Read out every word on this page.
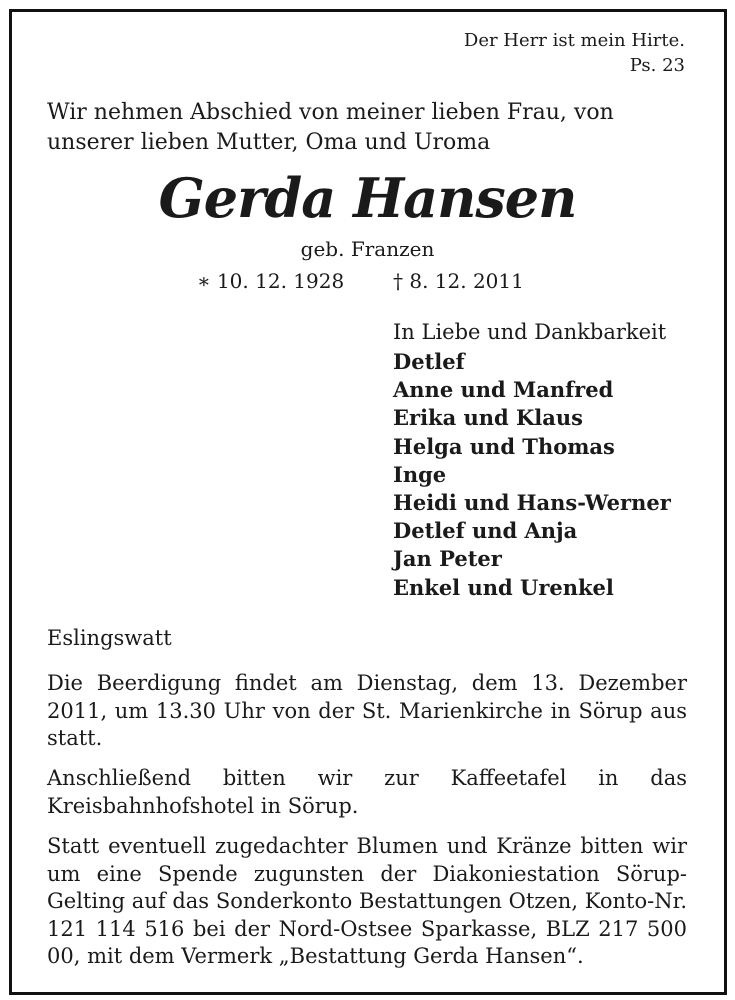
Der Herr ist mein Hirte.
Ps. 23

Wir nehmen Abschied von meiner lieben Frau, von unserer lieben Mutter, Oma und Uroma

Gerda Hansen
geb. Franzen
∗ 10. 12. 1928 † 8. 12. 2011
In Liebe und Dankbarkeit
Detlef
Anne und Manfred
Erika und Klaus
Helga und Thomas
Inge
Heidi und Hans-Werner
Detlef und Anja
Jan Peter
Enkel und Urenkel
Eslingswatt

Die Beerdigung findet am Dienstag, dem 13. Dezember 2011, um 13.30 Uhr von der St. Marienkirche in Sörup aus statt.

Anschließend bitten wir zur Kaffeetafel in das Kreisbahnhofshotel in Sörup.

Statt eventuell zugedachter Blumen und Kränze bitten wir um eine Spende zugunsten der Diakoniestation Sörup-Gelting auf das Sonderkonto Bestattungen Otzen, Konto-Nr. 121 114 516 bei der Nord-Ostsee Sparkasse, BLZ 217 500 00, mit dem Vermerk „Bestattung Gerda Hansen“.
